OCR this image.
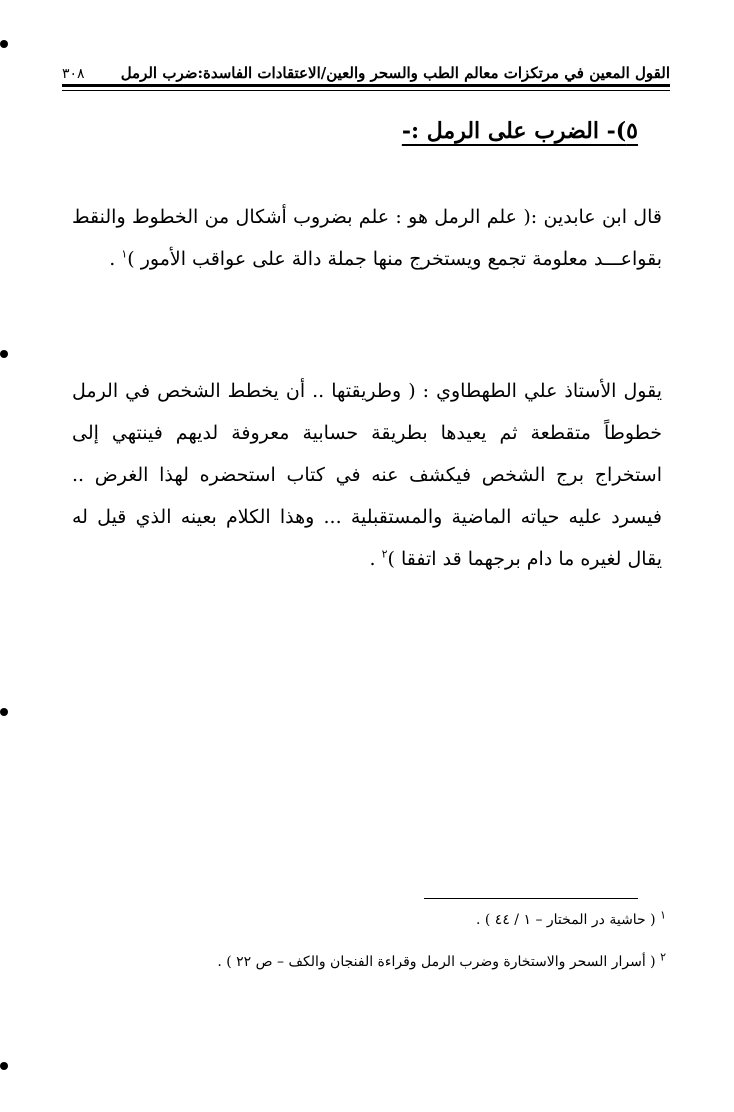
القول المعين في مرتكزات معالم الطب والسحر والعين/الاعتقادات الفاسدة:ضرب الرمل
٣٠٨
٥)- الضرب على الرمل :-

قال ابن عابدين :( علم الرمل هو : علم بضروب أشكال من الخطوط والنقط بقواعـــد معلومة تجمع ويستخرج منها جملة دالة على عواقب الأمور )$^١$ .

يقول الأستاذ علي الطهطاوي : ( وطريقتها .. أن يخطط الشخص في الرمل خطوطاً متقطعة ثم يعيدها بطريقة حسابية معروفة لديهم فينتهي إلى استخراج برج الشخص فيكشف عنه في كتاب استحضره لهذا الغرض .. فيسرد عليه حياته الماضية والمستقبلية ... وهذا الكلام بعينه الذي قيل له يقال لغيره ما دام برجهما قد اتفقا )$^٢$ .

$^١$ ( حاشية در المختار – ١ / ٤٤ ) .

$^٢$ ( أسرار السحر والاستخارة وضرب الرمل وقراءة الفنجان والكف – ص ٢٢ ) .
